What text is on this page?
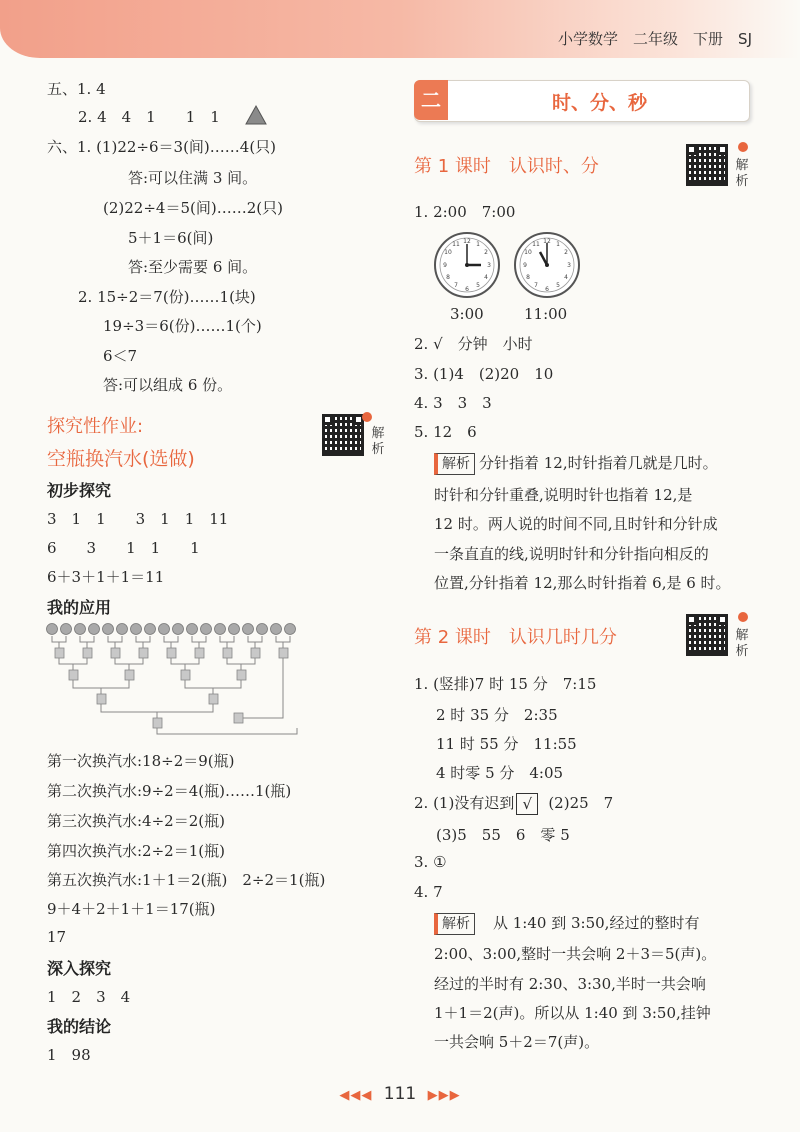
小学数学　二年级　下册　SJ
五、1. 4
2. 4　4　1　　1　1
六、1. (1)22÷6＝3(间)……4(只)
答:可以住满 3 间。
(2)22÷4＝5(间)……2(只)
5＋1＝6(间)
答:至少需要 6 间。
2. 15÷2＝7(份)……1(块)
19÷3＝6(份)……1(个)
6＜7
答:可以组成 6 份。
探究性作业:
空瓶换汽水(选做)
解析
初步探究
3　1　1　　3　1　1　11
6　　3　　1　1　　1
6＋3＋1＋1＝11
我的应用
第一次换汽水:18÷2＝9(瓶)
第二次换汽水:9÷2＝4(瓶)……1(瓶)
第三次换汽水:4÷2＝2(瓶)
第四次换汽水:2÷2＝1(瓶)
第五次换汽水:1＋1＝2(瓶)　2÷2＝1(瓶)
9＋4＋2＋1＋1＝17(瓶)
17
深入探究
1　2　3　4
我的结论
1　98
二	时、分、秒
第 1 课时　认识时、分	解析
1. 2:00　7:00
12 1
2
3
4
5
6
7
8
9
10
11	12 1
2
3
4
5
6
7
8
9
10
11
3:00	11:00
2. √　分钟　小时
3. (1)4　(2)20　10
4. 3　3　3
5. 12　6
解析 分针指着 12,时针指着几就是几时。
时针和分针重叠,说明时针也指着 12,是
12 时。两人说的时间不同,且时针和分针成
一条直直的线,说明时针和分针指向相反的
位置,分针指着 12,那么时针指着 6,是 6 时。
第 2 课时　认识几时几分	解析
1. (竖排)7 时 15 分　7:15
2 时 35 分　2:35
11 时 55 分　11:55
4 时零 5 分　4:05
2. (1)没有迟到 √ (2)25　7
(3)5　55　6　零 5
3. ①
4. 7
解析 从 1:40 到 3:50,经过的整时有
2:00、3:00,整时一共会响 2＋3＝5(声)。
经过的半时有 2:30、3:30,半时一共会响
1＋1＝2(声)。所以从 1:40 到 3:50,挂钟
一共会响 5＋2＝7(声)。
◀◀◀ 111 ▶▶▶
